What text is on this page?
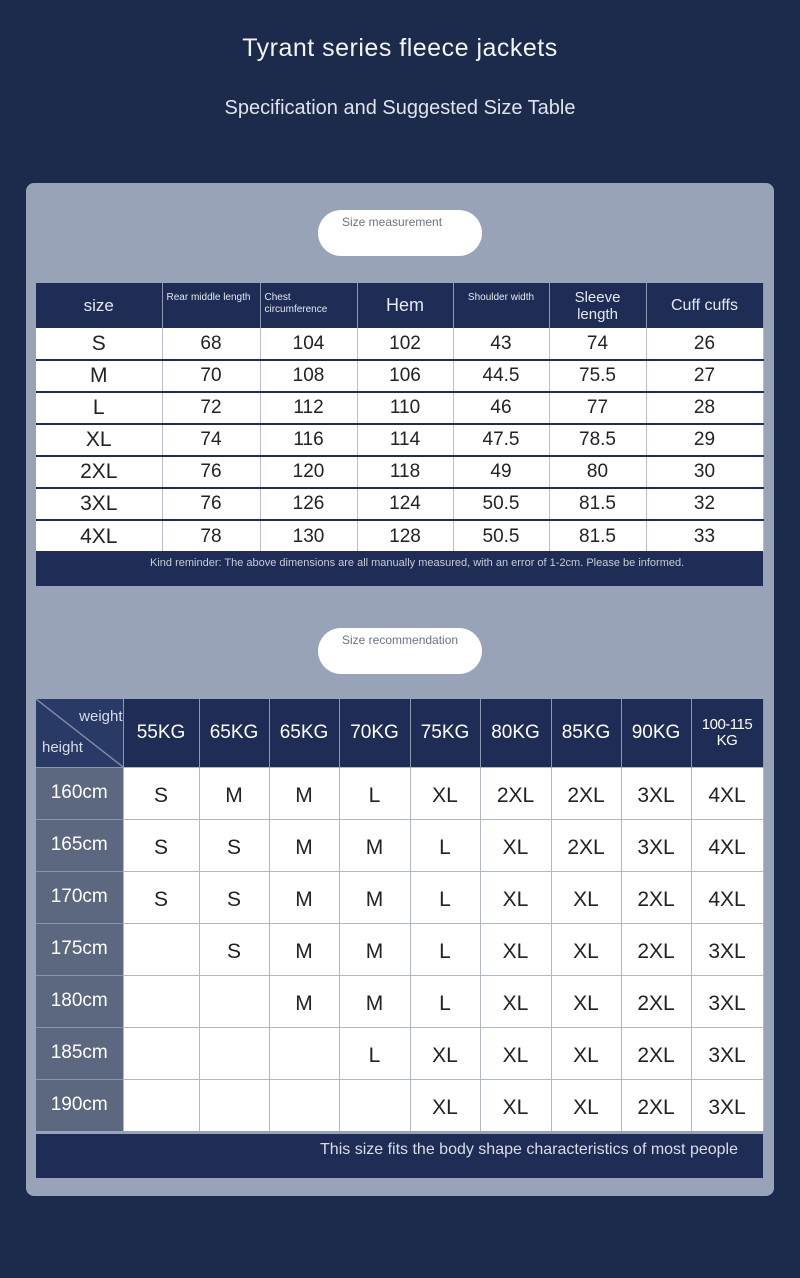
Tyrant series fleece jackets
Specification and Suggested Size Table
Size measurement
size	Rear middle length	Chest circumference	Hem	Shoulder width	Sleeve length	Cuff cuffs
S	68	104	102	43	74	26
M	70	108	106	44.5	75.5	27
L	72	112	110	46	77	28
XL	74	116	114	47.5	78.5	29
2XL	76	120	118	49	80	30
3XL	76	126	124	50.5	81.5	32
4XL	78	130	128	50.5	81.5	33
Kind reminder: The above dimensions are all manually measured, with an error of 1-2cm. Please be informed.
Size recommendation
weight
height	55KG	65KG	65KG	70KG	75KG	80KG	85KG	90KG	100-115 KG
160cm	S	M	M	L	XL	2XL	2XL	3XL	4XL
165cm	S	S	M	M	L	XL	2XL	3XL	4XL
170cm	S	S	M	M	L	XL	XL	2XL	4XL
175cm		S	M	M	L	XL	XL	2XL	3XL
180cm			M	M	L	XL	XL	2XL	3XL
185cm				L	XL	XL	XL	2XL	3XL
190cm					XL	XL	XL	2XL	3XL
This size fits the body shape characteristics of most people
